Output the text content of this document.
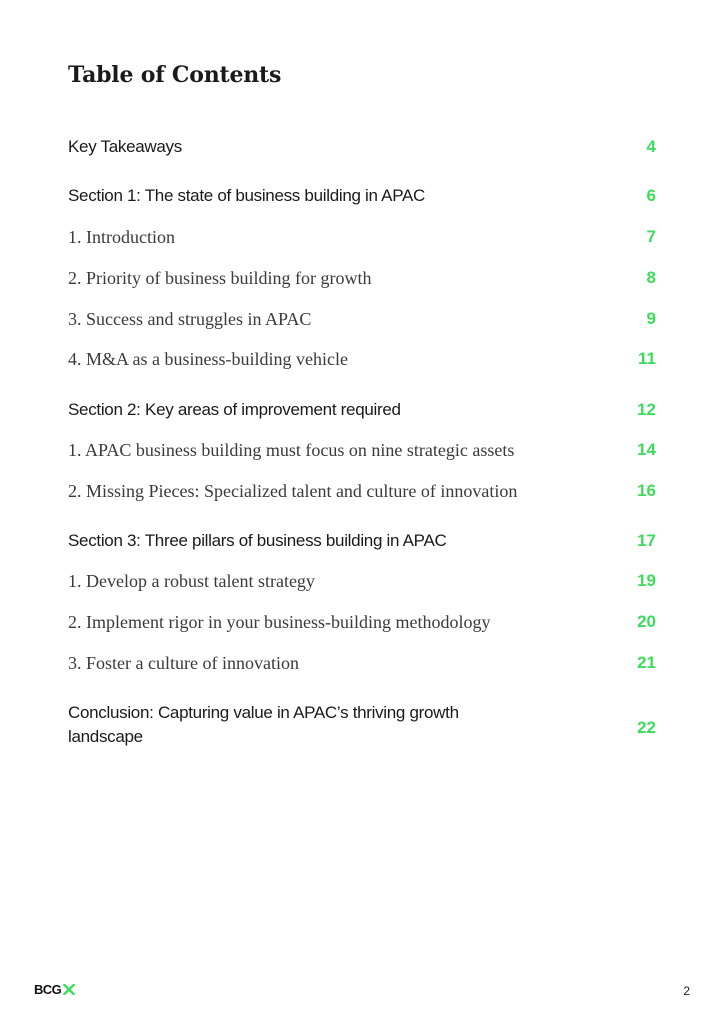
Table of Contents
Key Takeaways	4
Section 1: The state of business building in APAC	6
1. Introduction	7
2. Priority of business building for growth	8
3. Success and struggles in APAC	9
4. M&A as a business-building vehicle	11
Section 2: Key areas of improvement required	12
1. APAC business building must focus on nine strategic assets	14
2. Missing Pieces: Specialized talent and culture of innovation	16
Section 3: Three pillars of business building in APAC	17
1. Develop a robust talent strategy	19
2. Implement rigor in your business-building methodology	20
3. Foster a culture of innovation	21
Conclusion: Capturing value in APAC’s thriving growth landscape	22
BCG	2
